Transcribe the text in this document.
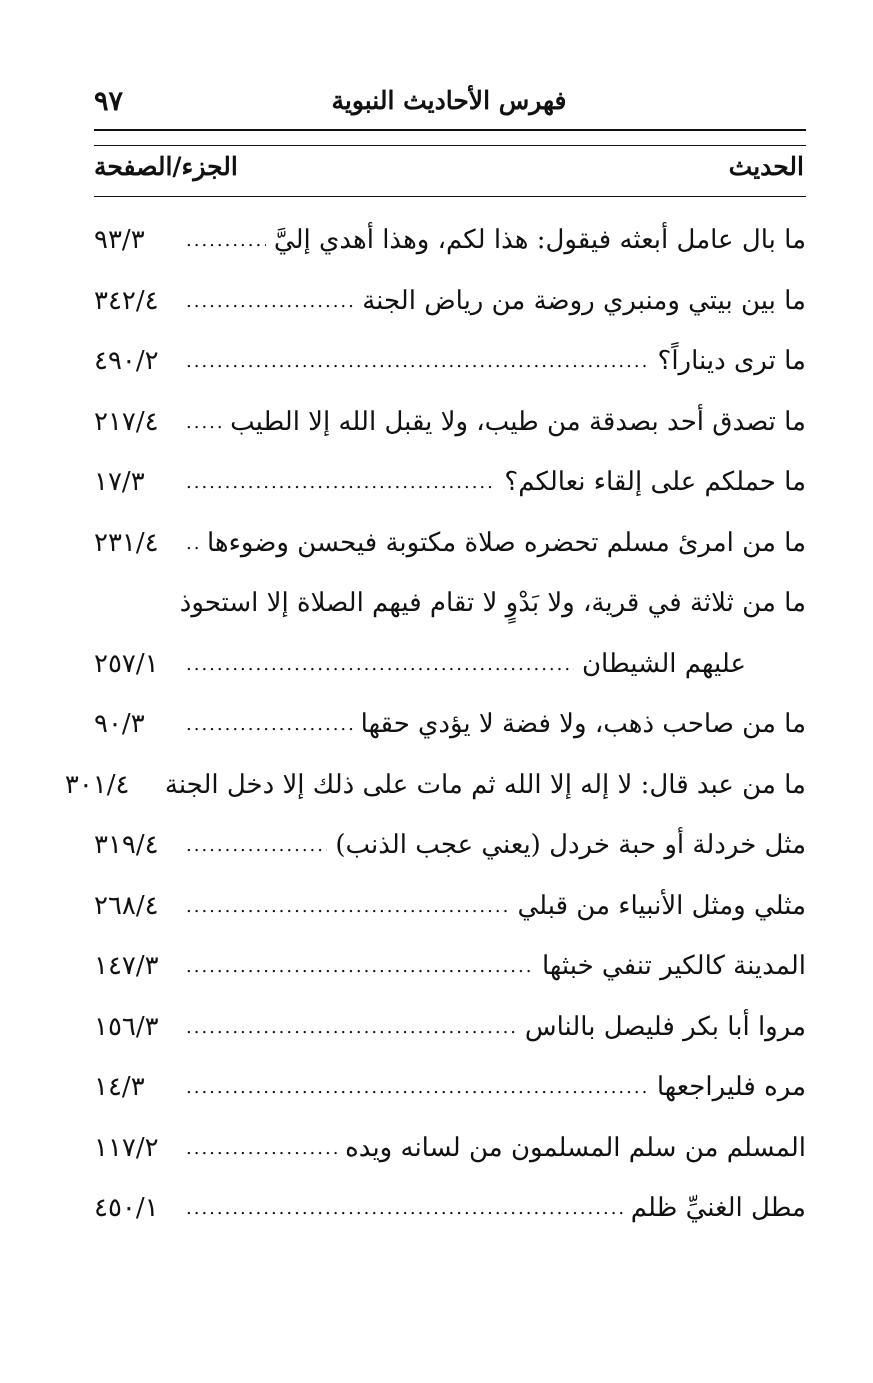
فهرس الأحاديث النبوية
٩٧
الحديث
الجزء/الصفحة
ما بال عامل أبعثه فيقول: هذا لكم، وهذا أهدي إليَّ
.....
٩٣/٣
ما بين بيتي ومنبري روضة من رياض الجنة
.....
٣٤٢/٤
ما ترى ديناراً؟
.....
٤٩٠/٢
ما تصدق أحد بصدقة من طيب، ولا يقبل الله إلا الطيب
.....
٢١٧/٤
ما حملكم على إلقاء نعالكم؟
.....
١٧/٣
ما من امرئ مسلم تحضره صلاة مكتوبة فيحسن وضوءها
.....
٢٣١/٤
ما من ثلاثة في قرية، ولا بَدْوٍ لا تقام فيهم الصلاة إلا استحوذ
عليهم الشيطان
.....
٢٥٧/١
ما من صاحب ذهب، ولا فضة لا يؤدي حقها
.....
٩٠/٣
ما من عبد قال: لا إله إلا الله ثم مات على ذلك إلا دخل الجنة
٣٠١/٤
مثل خردلة أو حبة خردل (يعني عجب الذنب)
.....
٣١٩/٤
مثلي ومثل الأنبياء من قبلي
.....
٢٦٨/٤
المدينة كالكير تنفي خبثها
.....
١٤٧/٣
مروا أبا بكر فليصل بالناس
.....
١٥٦/٣
مره فليراجعها
.....
١٤/٣
المسلم من سلم المسلمون من لسانه ويده
.....
١١٧/٢
مطل الغنيِّ ظلم
.....
٤٥٠/١
